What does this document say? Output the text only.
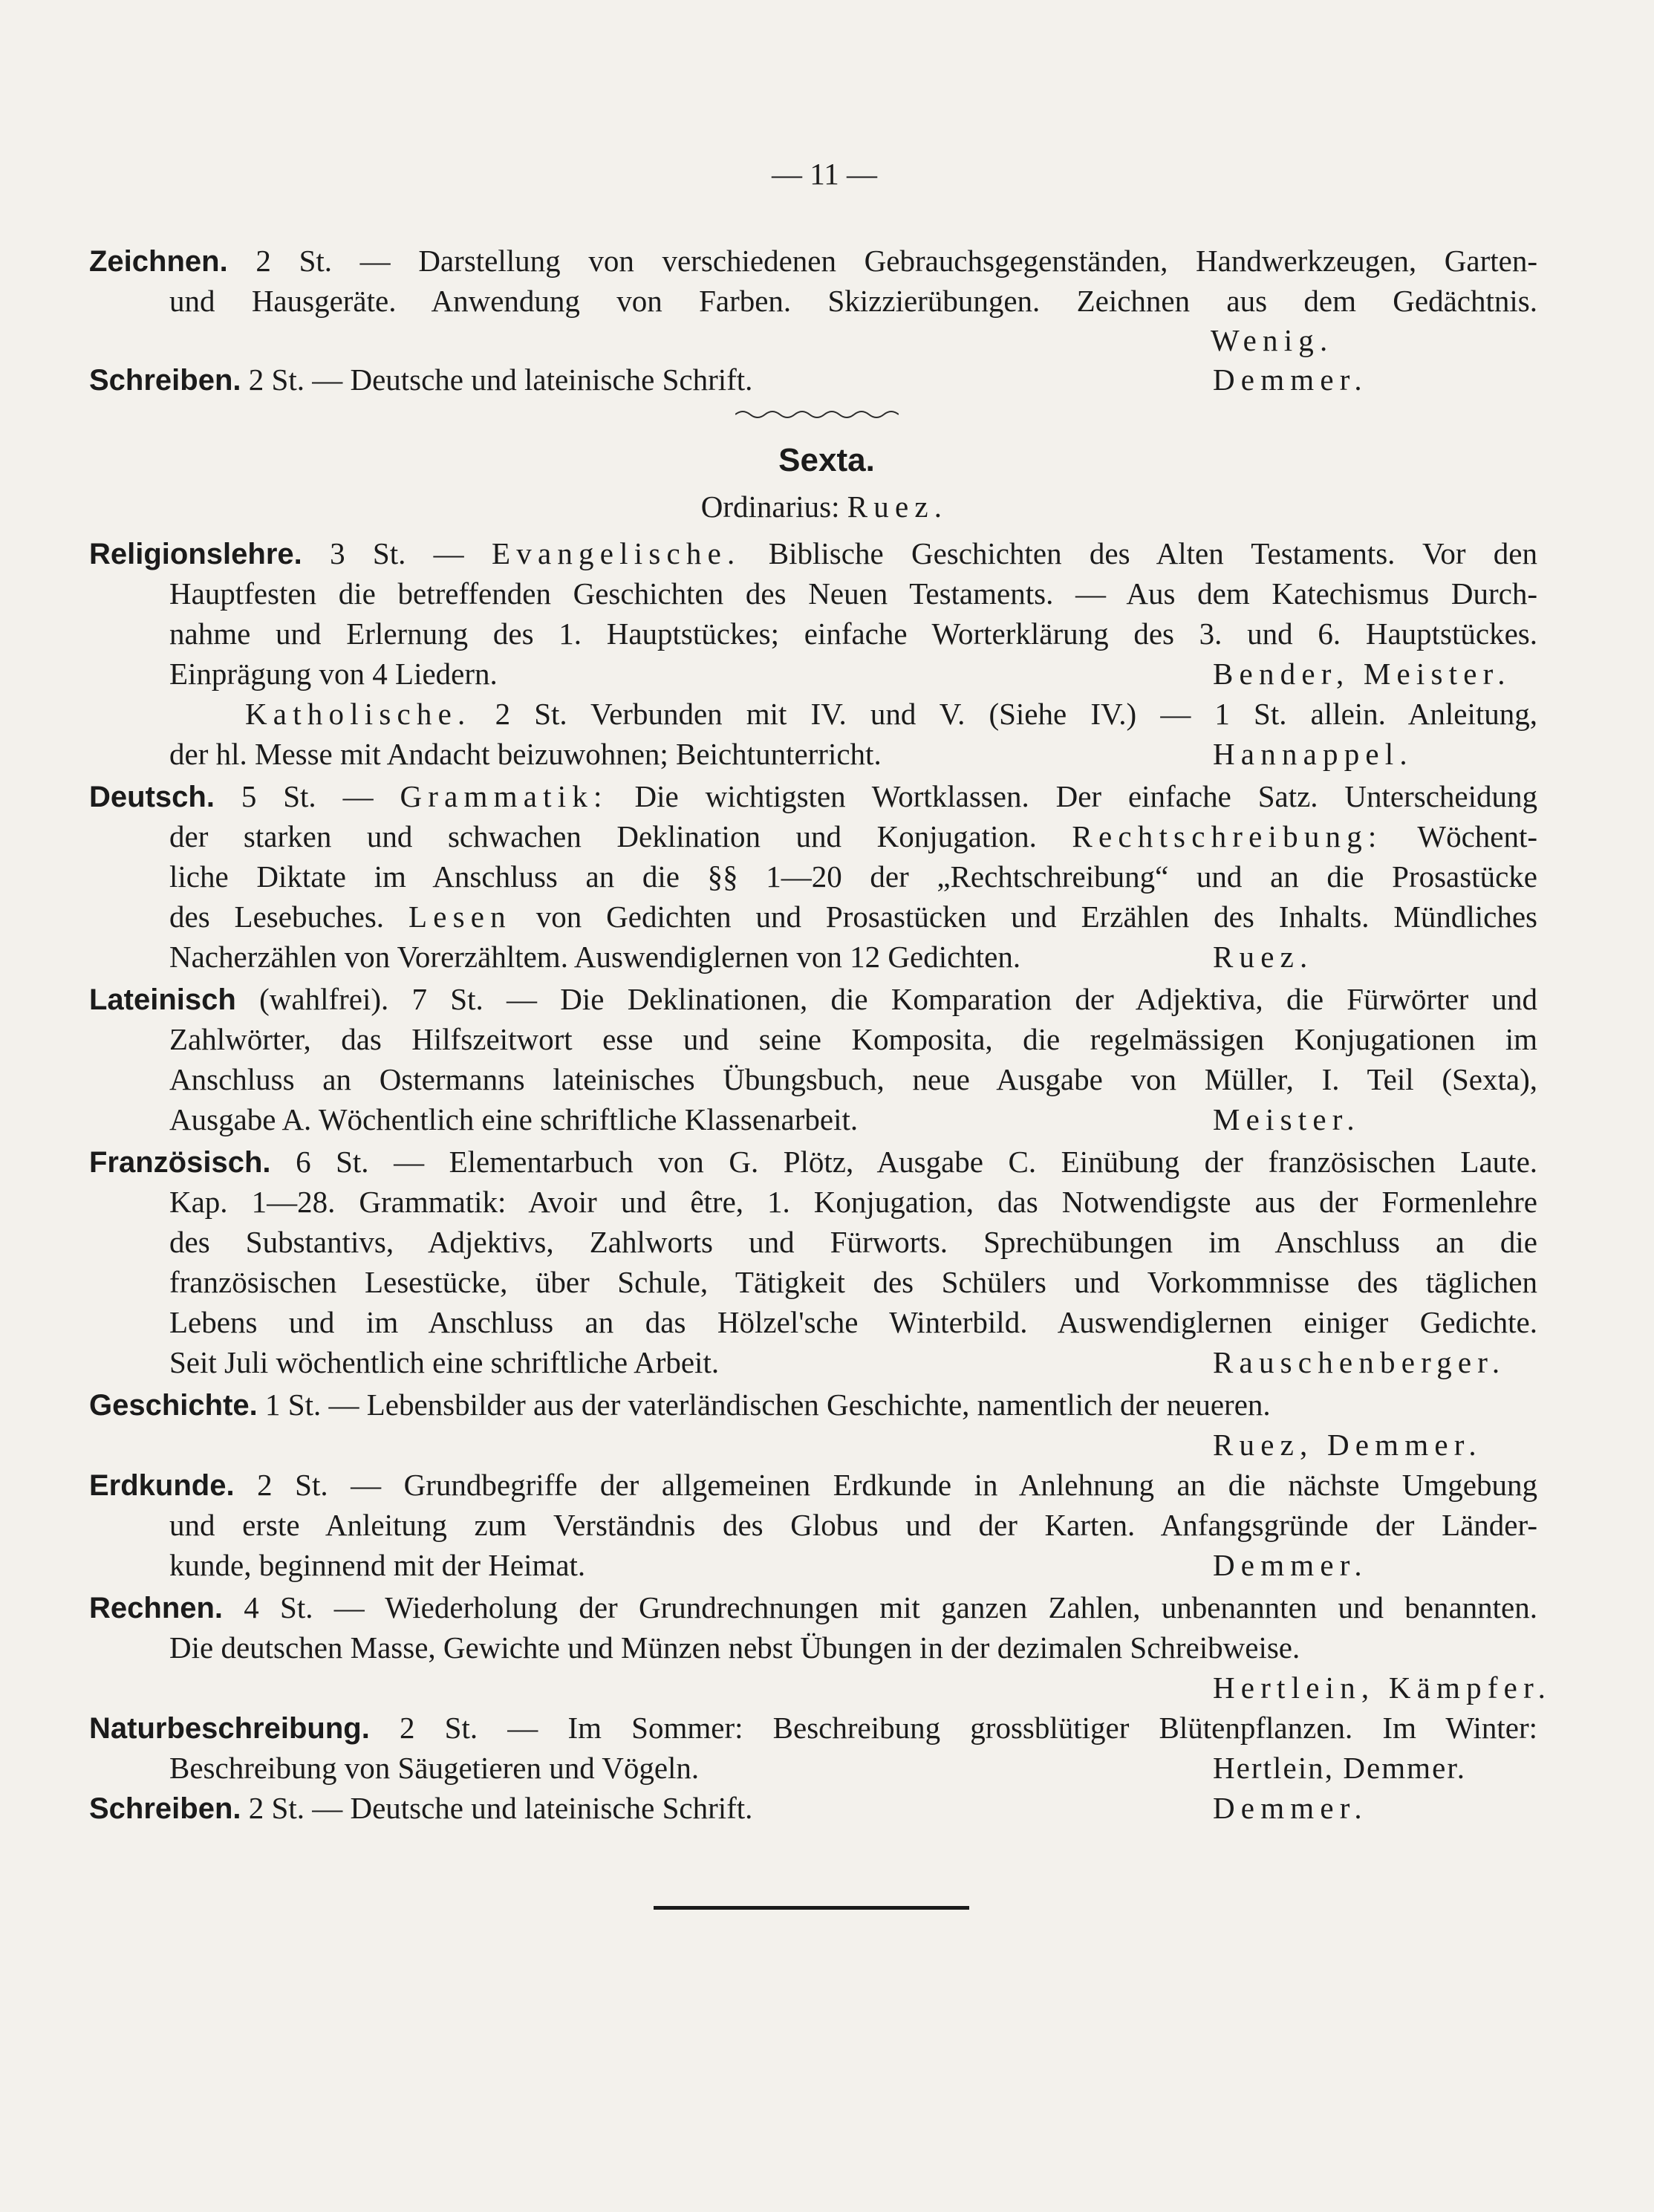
— 11 —
Zeichnen. 2 St. — Darstellung von verschiedenen Gebrauchsgegenständen, Handwerkzeugen, Garten-
und Hausgeräte. Anwendung von Farben. Skizzierübungen. Zeichnen aus dem Gedächtnis.
Wenig.
Schreiben. 2 St. — Deutsche und lateinische Schrift.	Demmer.
Sexta.
Ordinarius: Ruez.
Religionslehre. 3 St. — Evangelische. Biblische Geschichten des Alten Testaments. Vor den
Hauptfesten die betreffenden Geschichten des Neuen Testaments. — Aus dem Katechismus Durch-
nahme und Erlernung des 1. Hauptstückes; einfache Worterklärung des 3. und 6. Hauptstückes.
Einprägung von 4 Liedern.	Bender, Meister.
Katholische. 2 St. Verbunden mit IV. und V. (Siehe IV.) — 1 St. allein. Anleitung,
der hl. Messe mit Andacht beizuwohnen; Beichtunterricht.	Hannappel.
Deutsch. 5 St. — Grammatik: Die wichtigsten Wortklassen. Der einfache Satz. Unterscheidung
der starken und schwachen Deklination und Konjugation. Rechtschreibung: Wöchent-
liche Diktate im Anschluss an die §§ 1—20 der „Rechtschreibung“ und an die Prosastücke
des Lesebuches. Lesen von Gedichten und Prosastücken und Erzählen des Inhalts. Mündliches
Nacherzählen von Vorerzähltem. Auswendiglernen von 12 Gedichten.	Ruez.
Lateinisch (wahlfrei). 7 St. — Die Deklinationen, die Komparation der Adjektiva, die Fürwörter und
Zahlwörter, das Hilfszeitwort esse und seine Komposita, die regelmässigen Konjugationen im
Anschluss an Ostermanns lateinisches Übungsbuch, neue Ausgabe von Müller, I. Teil (Sexta),
Ausgabe A. Wöchentlich eine schriftliche Klassenarbeit.	Meister.
Französisch. 6 St. — Elementarbuch von G. Plötz, Ausgabe C. Einübung der französischen Laute.
Kap. 1—28. Grammatik: Avoir und être, 1. Konjugation, das Notwendigste aus der Formenlehre
des Substantivs, Adjektivs, Zahlworts und Fürworts. Sprechübungen im Anschluss an die
französischen Lesestücke, über Schule, Tätigkeit des Schülers und Vorkommnisse des täglichen
Lebens und im Anschluss an das Hölzel'sche Winterbild. Auswendiglernen einiger Gedichte.
Seit Juli wöchentlich eine schriftliche Arbeit.	Rauschenberger.
Geschichte. 1 St. — Lebensbilder aus der vaterländischen Geschichte, namentlich der neueren.
Ruez, Demmer.
Erdkunde. 2 St. — Grundbegriffe der allgemeinen Erdkunde in Anlehnung an die nächste Umgebung
und erste Anleitung zum Verständnis des Globus und der Karten. Anfangsgründe der Länder-
kunde, beginnend mit der Heimat.	Demmer.
Rechnen. 4 St. — Wiederholung der Grundrechnungen mit ganzen Zahlen, unbenannten und benannten.
Die deutschen Masse, Gewichte und Münzen nebst Übungen in der dezimalen Schreibweise.
Hertlein, Kämpfer.
Naturbeschreibung. 2 St. — Im Sommer: Beschreibung grossblütiger Blütenpflanzen. Im Winter:
Beschreibung von Säugetieren und Vögeln.	Hertlein, Demmer.
Schreiben. 2 St. — Deutsche und lateinische Schrift.	Demmer.
